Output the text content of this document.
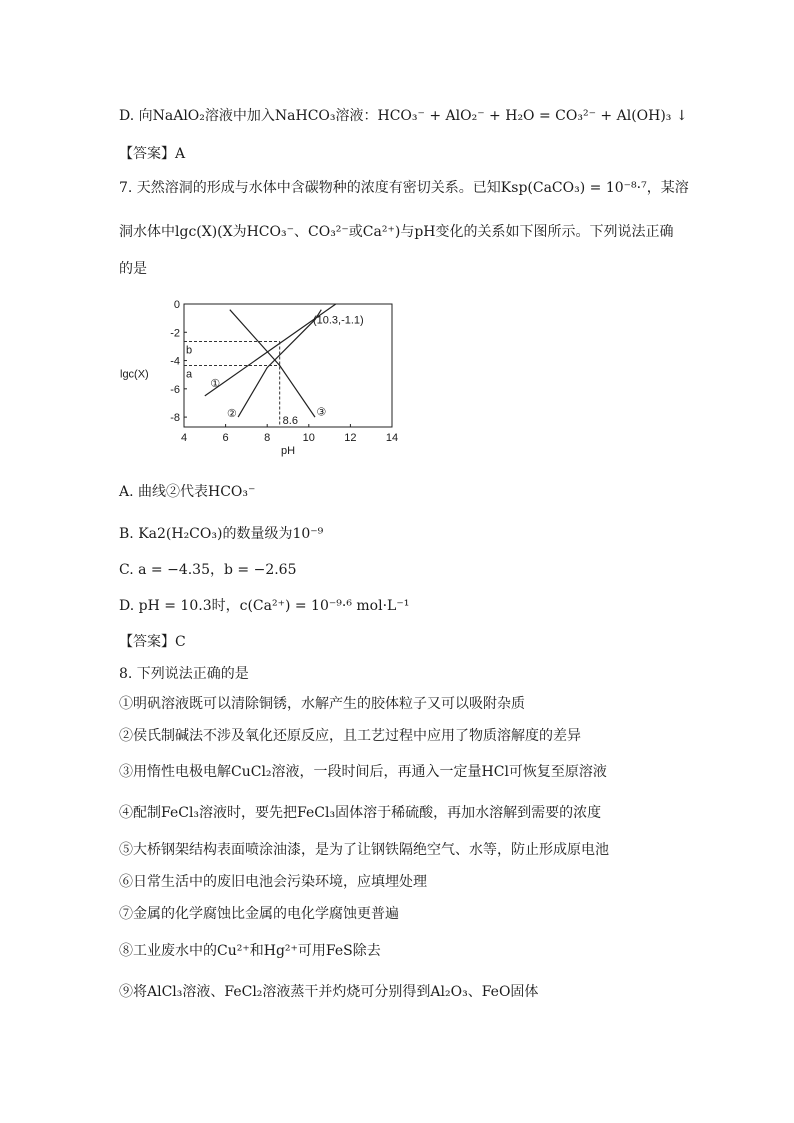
D. 向NaAlO₂溶液中加入NaHCO₃溶液：HCO₃⁻ + AlO₂⁻ + H₂O = CO₃²⁻ + Al(OH)₃ ↓
【答案】A
7. 天然溶洞的形成与水体中含碳物种的浓度有密切关系。已知Ksp(CaCO₃) = 10⁻⁸·⁷，某溶
洞水体中lgc(X)(X为HCO₃⁻、CO₃²⁻或Ca²⁺)与pH变化的关系如下图所示。下列说法正确
的是
4	6	8	10	12	14
0
-2
-4
-6
-8
pH
lgc(X)
①
②	③
(10.3,-1.1)
a
b
8.6
A. 曲线②代表HCO₃⁻
B. Ka2(H₂CO₃)的数量级为10⁻⁹
C. a = −4.35，b = −2.65
D. pH = 10.3时，c(Ca²⁺) = 10⁻⁹·⁶ mol·L⁻¹
【答案】C
8. 下列说法正确的是
①明矾溶液既可以清除铜锈，水解产生的胶体粒子又可以吸附杂质
②侯氏制碱法不涉及氧化还原反应，且工艺过程中应用了物质溶解度的差异
③用惰性电极电解CuCl₂溶液，一段时间后，再通入一定量HCl可恢复至原溶液
④配制FeCl₃溶液时，要先把FeCl₃固体溶于稀硫酸，再加水溶解到需要的浓度
⑤大桥钢架结构表面喷涂油漆，是为了让钢铁隔绝空气、水等，防止形成原电池
⑥日常生活中的废旧电池会污染环境，应填埋处理
⑦金属的化学腐蚀比金属的电化学腐蚀更普遍
⑧工业废水中的Cu²⁺和Hg²⁺可用FeS除去
⑨将AlCl₃溶液、FeCl₂溶液蒸干并灼烧可分别得到Al₂O₃、FeO固体
